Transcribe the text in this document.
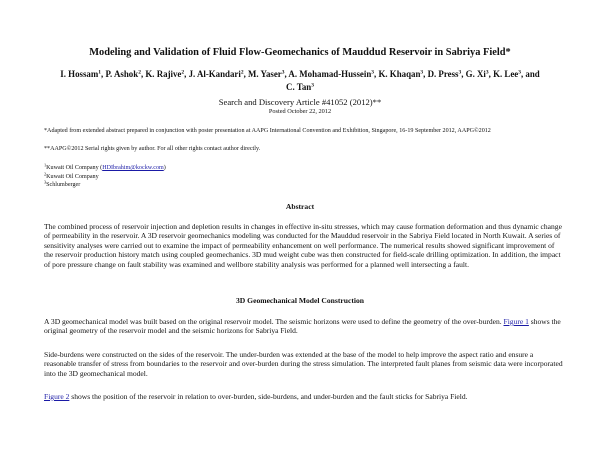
Modeling and Validation of Fluid Flow-Geomechanics of Mauddud Reservoir in Sabriya Field*
I. Hossam$^1$, P. Ashok$^2$, K. Rajive$^2$, J. Al-Kandari$^2$, M. Yaser$^3$, A. Mohamad-Hussein$^3$, K. Khaqan$^3$, D. Press$^3$, G. Xi$^3$, K. Lee$^3$, and C. Tan$^3$
Search and Discovery Article #41052 (2012)**
Posted October 22, 2012
*Adapted from extended abstract prepared in conjunction with poster presentation at AAPG International Convention and Exhibition, Singapore, 16-19 September 2012, AAPG©2012
**AAPG©2012 Serial rights given by author. For all other rights contact author directly.
$^1$Kuwait Oil Company (HDIbrahim@kockw.com)
$^2$Kuwait Oil Company
$^3$Schlumberger
Abstract
The combined process of reservoir injection and depletion results in changes in effective in-situ stresses, which may cause formation deformation and thus dynamic change of permeability in the reservoir. A 3D reservoir geomechanics modeling was conducted for the Mauddud reservoir in the Sabriya Field located in North Kuwait. A series of sensitivity analyses were carried out to examine the impact of permeability enhancement on well performance. The numerical results showed significant improvement of the reservoir production history match using coupled geomechanics. 3D mud weight cube was then constructed for field-scale drilling optimization. In addition, the impact of pore pressure change on fault stability was examined and wellbore stability analysis was performed for a planned well intersecting a fault.
3D Geomechanical Model Construction
A 3D geomechanical model was built based on the original reservoir model. The seismic horizons were used to define the geometry of the over-burden. Figure 1 shows the original geometry of the reservoir model and the seismic horizons for Sabriya Field.
Side-burdens were constructed on the sides of the reservoir. The under-burden was extended at the base of the model to help improve the aspect ratio and ensure a reasonable transfer of stress from boundaries to the reservoir and over-burden during the stress simulation. The interpreted fault planes from seismic data were incorporated into the 3D geomechanical model.
Figure 2 shows the position of the reservoir in relation to over-burden, side-burdens, and under-burden and the fault sticks for Sabriya Field.
